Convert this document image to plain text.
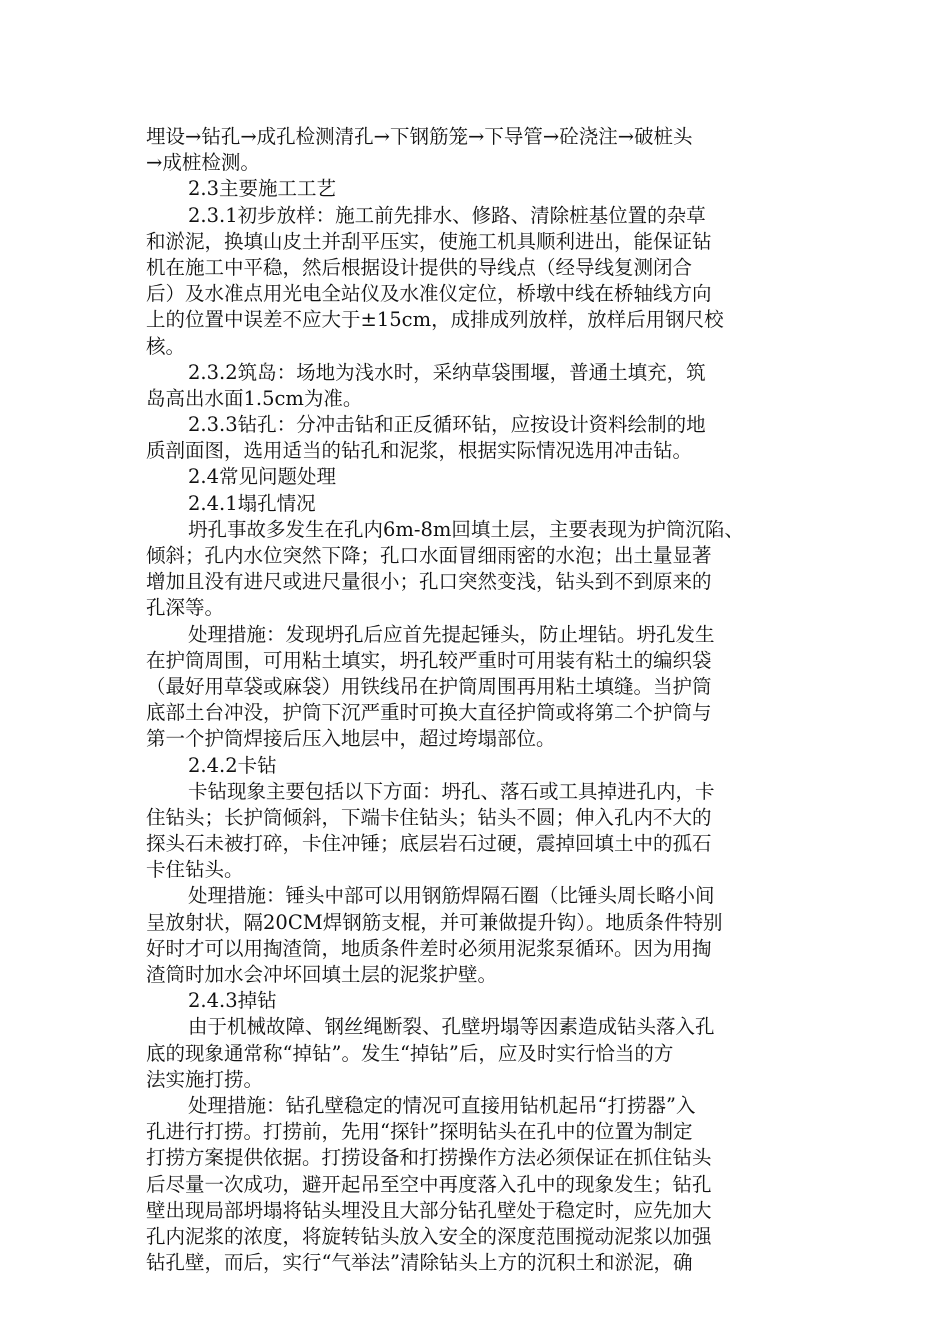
埋设→钻孔→成孔检测清孔→下钢筋笼→下导管→砼浇注→破桩头
→成桩检测。
2.3主要施工工艺
2.3.1初步放样：施工前先排水、修路、清除桩基位置的杂草
和淤泥，换填山皮土并刮平压实，使施工机具顺利进出，能保证钻
机在施工中平稳，然后根据设计提供的导线点（经导线复测闭合
后）及水准点用光电全站仪及水准仪定位，桥墩中线在桥轴线方向
上的位置中误差不应大于±15cm，成排成列放样，放样后用钢尺校
核。
2.3.2筑岛：场地为浅水时，采纳草袋围堰，普通土填充，筑
岛高出水面1.5cm为准。
2.3.3钻孔：分冲击钻和正反循环钻，应按设计资料绘制的地
质剖面图，选用适当的钻孔和泥浆，根据实际情况选用冲击钻。
2.4常见问题处理
2.4.1塌孔情况
坍孔事故多发生在孔内6m-8m回填土层，主要表现为护筒沉陷、
倾斜；孔内水位突然下降；孔口水面冒细雨密的水泡；出土量显著
增加且没有进尺或进尺量很小；孔口突然变浅，钻头到不到原来的
孔深等。
处理措施：发现坍孔后应首先提起锤头，防止埋钻。坍孔发生
在护筒周围，可用粘土填实，坍孔较严重时可用装有粘土的编织袋
（最好用草袋或麻袋）用铁线吊在护筒周围再用粘土填缝。当护筒
底部土台冲没，护筒下沉严重时可换大直径护筒或将第二个护筒与
第一个护筒焊接后压入地层中，超过垮塌部位。
2.4.2卡钻
卡钻现象主要包括以下方面：坍孔、落石或工具掉进孔内，卡
住钻头；长护筒倾斜，下端卡住钻头；钻头不圆；伸入孔内不大的
探头石未被打碎，卡住冲锤；底层岩石过硬，震掉回填土中的孤石
卡住钻头。
处理措施：锤头中部可以用钢筋焊隔石圈（比锤头周长略小间
呈放射状，隔20CM焊钢筋支棍，并可兼做提升钩）。地质条件特别
好时才可以用掏渣筒，地质条件差时必须用泥浆泵循环。因为用掏
渣筒时加水会冲坏回填土层的泥浆护壁。
2.4.3掉钻
由于机械故障、钢丝绳断裂、孔壁坍塌等因素造成钻头落入孔
底的现象通常称“掉钻”。发生“掉钻”后，应及时实行恰当的方
法实施打捞。
处理措施：钻孔壁稳定的情况可直接用钻机起吊“打捞器”入
孔进行打捞。打捞前，先用“探针”探明钻头在孔中的位置为制定
打捞方案提供依据。打捞设备和打捞操作方法必须保证在抓住钻头
后尽量一次成功，避开起吊至空中再度落入孔中的现象发生；钻孔
壁出现局部坍塌将钻头埋没且大部分钻孔壁处于稳定时，应先加大
孔内泥浆的浓度，将旋转钻头放入安全的深度范围搅动泥浆以加强
钻孔壁，而后，实行“气举法”清除钻头上方的沉积土和淤泥，确
